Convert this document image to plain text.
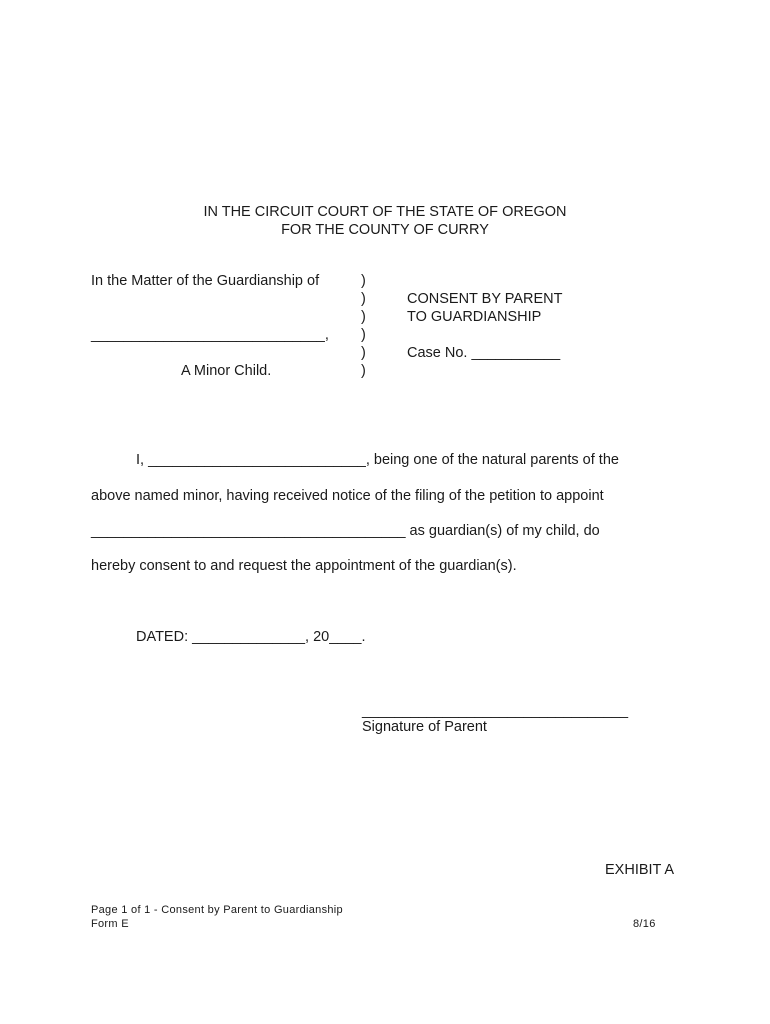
IN THE CIRCUIT COURT OF THE STATE OF OREGON
FOR THE COUNTY OF CURRY
In the Matter of the Guardianship of
_____________________________,
A Minor Child.
)
)
)
)
)
)
CONSENT BY PARENT
TO GUARDIANSHIP
Case No. ___________
I, ___________________________, being one of the natural parents of the
above named minor, having received notice of the filing of the petition to appoint
_______________________________________ as guardian(s) of my child, do
hereby consent to and request the appointment of the guardian(s).
DATED: ______________, 20____.
_________________________________
Signature of Parent
EXHIBIT A
Page 1 of 1 - Consent by Parent to Guardianship
Form E	8/16
